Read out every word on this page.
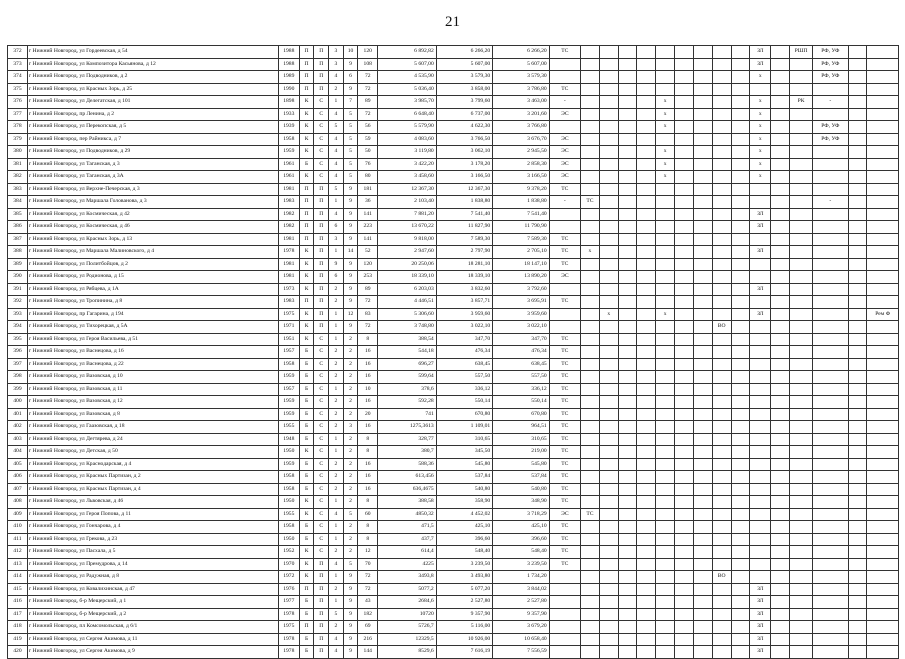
21
372	г Нижний Новгород, ул Гордеевская, д 54	1988	П	П	3	10	120	6 892,82	6 266,20	6 266,20	ТС										ЗЛ		РШП	РФ, УФ		
373	г Нижний Новгород, ул Композитора Касьянова, д 12	1988	П	П	3	9	108	5 607,00	5 607,00	5 607,00											ЗЛ			РФ, УФ		
374	г Нижний Новгород, ул Подводников, д 2	1989	П	П	4	6	72	4 535,90	3 579,30	3 579,30											х			РФ, УФ		
375	г Нижний Новгород, ул Красных Зорь, д 25	1990	П	П	2	9	72	5 036,40	3 858,00	3 786,80	ТС															
376	г Нижний Новгород, ул Делегатская, д 101	1898	К	С	1	7	89	3 985,70	3 799,60	3 463,00	-					х					х		РК	-		
377	г Нижний Новгород, пр Ленина, д 2	1933	К	С	4	5	72	6 648,40	6 737,00	3 201,60	ЭС					х					х					
378	г Нижний Новгород, ул Перекопская, д 5	1939	К	С	5	5	56	5 579,90	4 622,30	3 766,80						х					х			РФ, УФ		
379	г Нижний Новгород, пер Райникса, д 7	1958	К	С	4	5	59	4 083,60	3 766,50	3 676,70	ЭС										х			РФ, УФ		
380	г Нижний Новгород, ул Подводников, д 29	1959	К	С	4	5	50	3 119,80	3 062,10	2 945,50	ЭС					х					х					
381	г Нижний Новгород, ул Таганская, д 3	1961	Б	С	4	5	76	3 422,20	3 178,20	2 858,30	ЭС					х					х					
382	г Нижний Новгород, ул Таганская, д 3А	1961	К	С	4	5	80	3 458,60	3 166,50	3 166,50	ЭС					х					х					
383	г Нижний Новгород, ул Верхне-Печерская, д 3	1981	П	П	5	9	181	12 367,30	12 367,30	9 378,20	ТС															
384	г Нижний Новгород, ул Маршала Голованова, д 3	1983	П	П	1	9	36	2 103,40	1 838,80	1 838,80	-	ТС												-		
385	г Нижний Новгород, ул Космическая, д 42	1982	П	П	4	9	141	7 881,20	7 541,40	7 541,40											ЗЛ					
386	г Нижний Новгород, ул Космическая, д 46	1982	П	П	6	9	223	13 670,22	11 827,90	11 790,90											ЗЛ					
387	г Нижний Новгород, ул Красных Зорь, д 13	1981	П	П	3	9	141	9 818,00	7 589,30	7 589,30	ТС															
388	г Нижний Новгород, ул Маршала Малиновского, д 4	1978	К	П	1	14	52	2 947,60	2 797,90	2 705,10	ТС	х									ЗЛ					
389	г Нижний Новгород, ул Политбойцов, д 2	1981	К	П	9	9	120	20 250,06	18 281,10	18 147,10	ТС															
390	г Нижний Новгород, ул Родионова, д 15	1981	К	П	6	9	253	18 339,10	18 339,10	13 890,20	ЭС															
391	г Нижний Новгород, ул Рябцева, д 1А	1973	К	П	2	9	89	6 203,03	3 832,60	3 792,60											ЗЛ					
392	г Нижний Новгород, ул Тропинина, д 8	1983	П	П	2	9	72	4 446,51	3 857,71	3 695,91	ТС															
393	г Нижний Новгород, пр Гагарина, д 194	1975	К	П	1	12	83	5 306,60	3 959,60	3 959,60			х			х					ЗЛ					Рем Ф
394	г Нижний Новгород, ул Тихорецкая, д 5А	1971	К	П	1	9	72	3 748,80	3 022,10	3 022,10									ВО							
395	г Нижний Новгород, ул Героя Васильева, д 51	1951	К	С	1	2	8	388,54	347,70	347,70	ТС															
396	г Нижний Новгород, ул Васнецова, д 16	1957	Б	С	2	2	16	544,18	476,34	476,34	ТС															
397	г Нижний Новгород, ул Васнецова, д 22	1958	Б	С	2	2	16	696,27	638,45	638,45	ТС															
398	г Нижний Новгород, ул Вазовская, д 10	1959	Б	С	2	2	16	599,64	557,50	557,50	ТС															
399	г Нижний Новгород, ул Вазовская, д 11	1957	Б	С	1	2	10	378,6	336,12	336,12	ТС															
400	г Нижний Новгород, ул Вазовская, д 12	1959	Б	С	2	2	16	592,28	550,14	550,14	ТС															
401	г Нижний Новгород, ул Вазовская, д 8	1959	Б	С	2	2	20	741	670,80	670,80	ТС															
402	г Нижний Новгород, ул Гаазовская, д 18	1955	Б	С	2	3	16	1275,3613	1 109,01	964,51	ТС															
403	г Нижний Новгород, ул Дегтярева, д 24	1948	Б	С	1	2	8	328,77	310,65	310,65	ТС															
404	г Нижний Новгород, ул Детская, д 50	1950	К	С	1	2	8	380,7	345,50	219,00	ТС															
405	г Нижний Новгород, ул Краснодарская, д 4	1959	Б	С	2	2	16	588,36	545,80	545,80	ТС															
406	г Нижний Новгород, ул Красных Партизан, д 2	1958	Б	С	2	2	16	613,456	537,84	537,84	ТС															
407	г Нижний Новгород, ул Красных Партизан, д 4	1958	Б	С	2	2	16	636,4675	540,80	540,80	ТС															
408	г Нижний Новгород, ул Львовская, д 46	1950	К	С	1	2	8	388,58	358,90	348,90	ТС															
409	г Нижний Новгород, ул Героя Попова, д 11	1955	К	С	4	5	60	4850,32	4 452,02	3 718,29	ЭС	ТС														
410	г Нижний Новгород, ул Гончарова, д 4	1958	Б	С	1	2	8	471,5	425,10	425,10	ТС															
411	г Нижний Новгород, ул Грекова, д 23	1950	Б	С	1	2	8	437,7	396,60	396,60	ТС															
412	г Нижний Новгород, ул Пасхала, д 5	1952	К	С	2	2	12	614,4	548,40	548,40	ТС															
413	г Нижний Новгород, ул Премудрова, д 14	1970	К	П	4	5	70	4225	3 239,50	3 239,50	ТС															
414	г Нижний Новгород, ул Радужная, д 8	1972	К	П	1	9	72	3493,8	3 493,80	1 734,20									ВО							
415	г Нижний Новгород, ул Ковалихинская, д 47	1976	П	П	2	9	72	5077,2	5 077,20	3 844,02											ЗЛ					
416	г Нижний Новгород, б-р Мещерский, д 1	1977	Б	П	1	9	43	2684,6	2 527,80	2 527,80											ЗЛ					
417	г Нижний Новгород, б-р Мещерский, д 2	1978	Б	П	5	9	182	10720	9 357,90	9 357,90											ЗЛ					
418	г Нижний Новгород, пл Комсомольская, д 6/1	1975	П	П	2	9	69	5726,7	5 116,00	3 679,20											ЗЛ					
419	г Нижний Новгород, ул Сергея Акимова, д 11	1978	Б	П	4	9	216	12329,5	10 926,00	10 658,40											ЗЛ					
420	г Нижний Новгород, ул Сергея Акимова, д 9	1978	Б	П	4	9	144	8529,6	7 616,19	7 556,59											ЗЛ					
